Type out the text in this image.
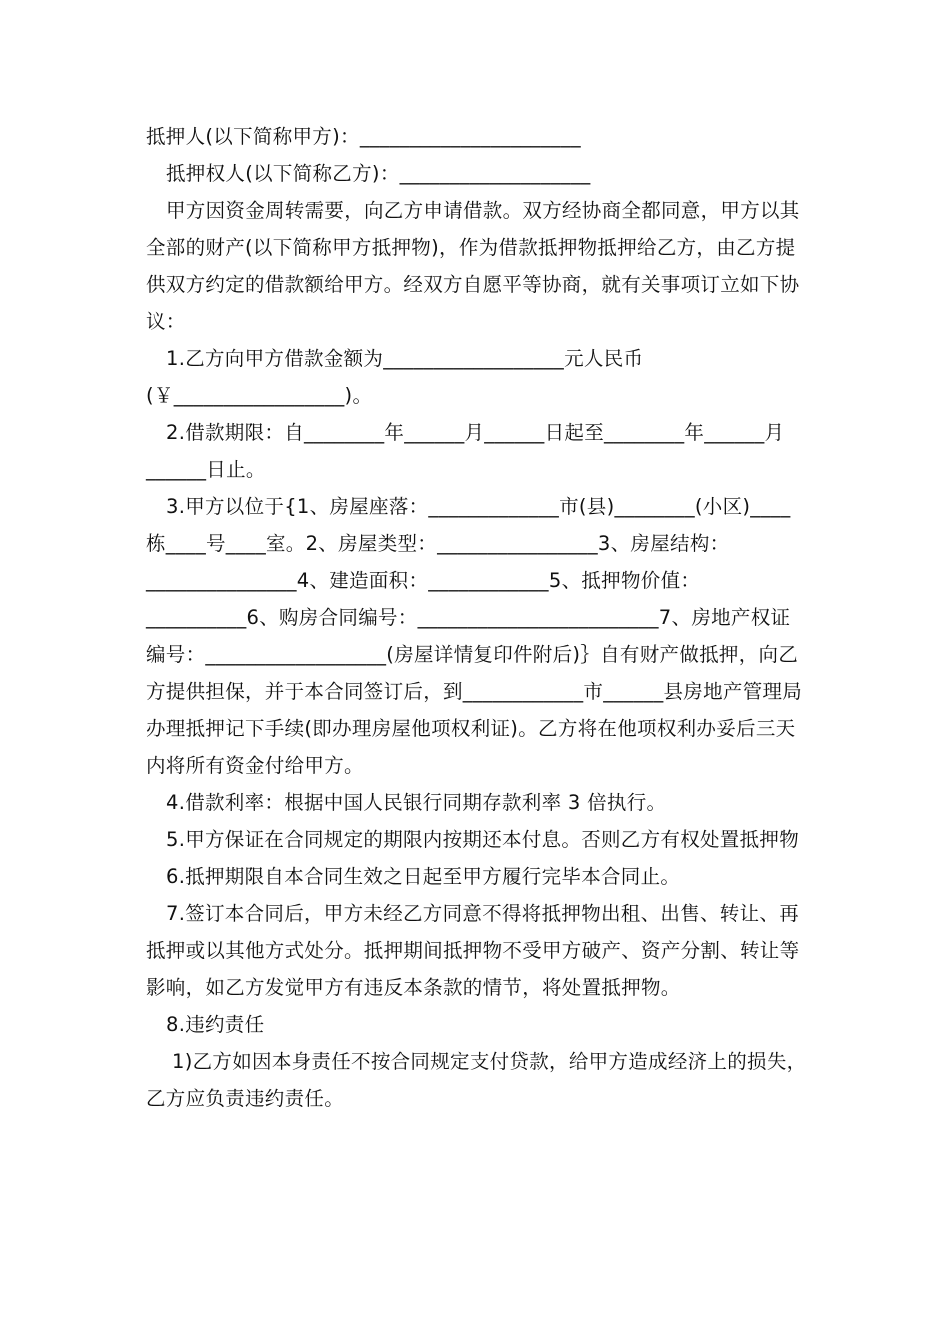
抵押人(以下简称甲方)：______________________

抵押权人(以下简称乙方)：___________________

甲方因资金周转需要，向乙方申请借款。双方经协商全都同意，甲方以其全部的财产(以下简称甲方抵押物)，作为借款抵押物抵押给乙方，由乙方提供双方约定的借款额给甲方。经双方自愿平等协商，就有关事项订立如下协议：

1.乙方向甲方借款金额为__________________元人民币(￥_________________)。

2.借款期限：自________年______月______日起至________年______月______日止。

3.甲方以位于{1、房屋座落：_____________市(县)________(小区)____栋____号____室。2、房屋类型：________________3、房屋结构：_______________4、建造面积：____________5、抵押物价值：__________6、购房合同编号：________________________7、房地产权证编号：__________________(房屋详情复印件附后)｝自有财产做抵押，向乙方提供担保，并于本合同签订后，到____________市______县房地产管理局办理抵押记下手续(即办理房屋他项权利证)。乙方将在他项权利办妥后三天内将所有资金付给甲方。

4.借款利率：根据中国人民银行同期存款利率 3 倍执行。

5.甲方保证在合同规定的期限内按期还本付息。否则乙方有权处置抵押物

6.抵押期限自本合同生效之日起至甲方履行完毕本合同止。

7.签订本合同后，甲方未经乙方同意不得将抵押物出租、出售、转让、再抵押或以其他方式处分。抵押期间抵押物不受甲方破产、资产分割、转让等影响，如乙方发觉甲方有违反本条款的情节，将处置抵押物。

8.违约责任

1)乙方如因本身责任不按合同规定支付贷款，给甲方造成经济上的损失，乙方应负责违约责任。
